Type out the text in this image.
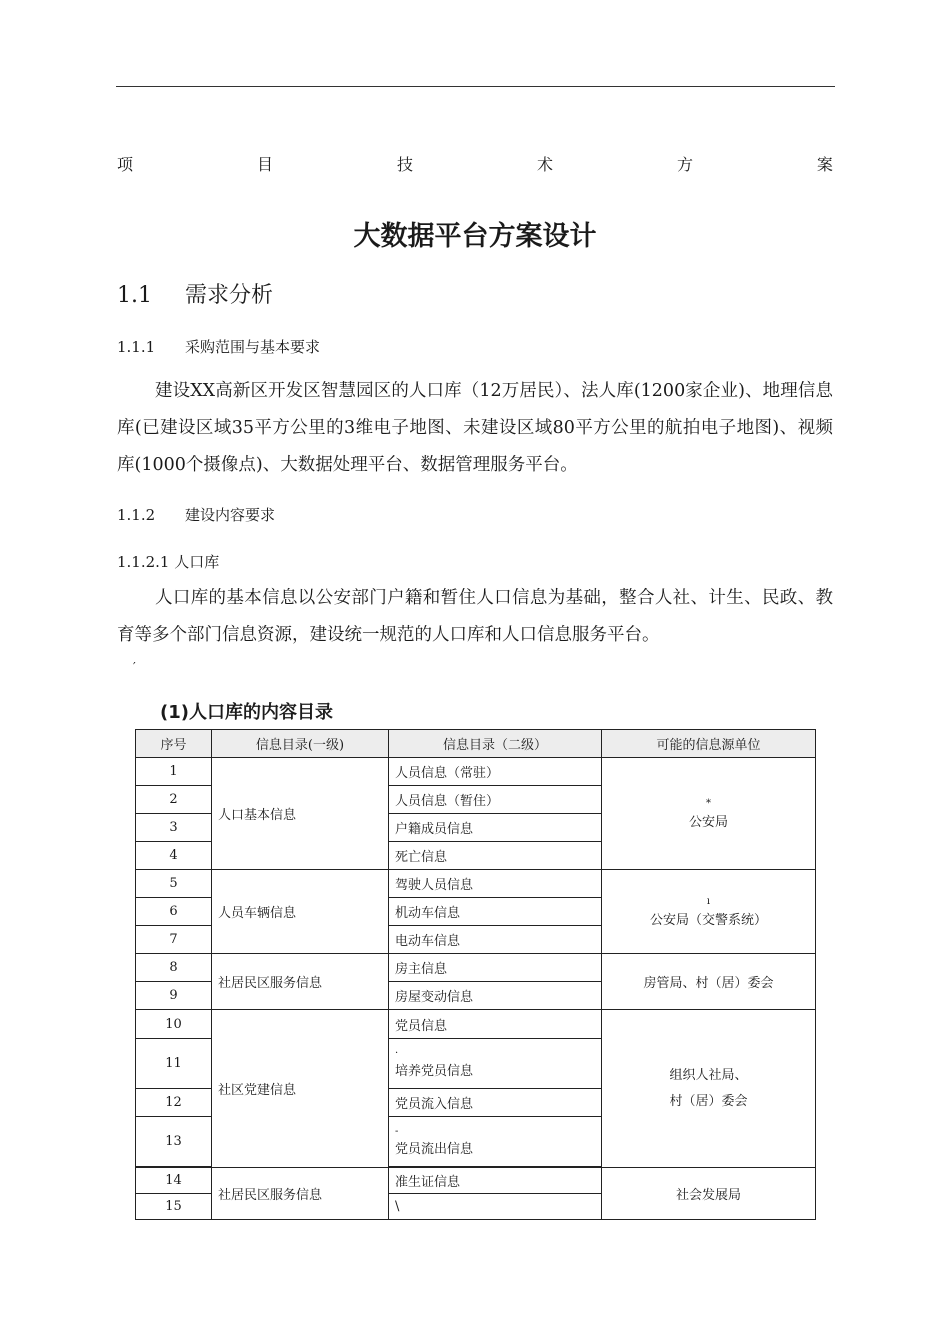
项	目	技	术	方	案
大数据平台方案设计
1.1 需求分析
1.1.1 采购范围与基本要求
建设XX高新区开发区智慧园区的人口库（12万居民）、法人库(1200家企业)、地理信息库(已建设区域35平方公里的3维电子地图、未建设区域80平方公里的航拍电子地图)、视频库(1000个摄像点)、大数据处理平台、数据管理服务平台。
1.1.2 建设内容要求
1.1.2.1 人口库
人口库的基本信息以公安部门户籍和暂住人口信息为基础，整合人社、计生、民政、教育等多个部门信息资源，建设统一规范的人口库和人口信息服务平台。
′
(1)人口库的内容目录
序号	信息目录(一级)	信息目录（二级）	可能的信息源单位
1	人口基本信息	人员信息（常驻）	*
公安局
2		人员信息（暂住）	
3		户籍成员信息	
4		死亡信息	
5	人员车辆信息	驾驶人员信息	ı
公安局（交警系统）
6		机动车信息	
7		电动车信息	
8	社居民区服务信息	房主信息	房管局、村（居）委会
9		房屋变动信息	
10	社区党建信息	党员信息	组织人社局、
村（居）委会

11		·
培养党员信息	
12		党员流入信息	
13		-
党员流出信息	

14	社居民区服务信息	准生证信息	社会发展局
15		\	
